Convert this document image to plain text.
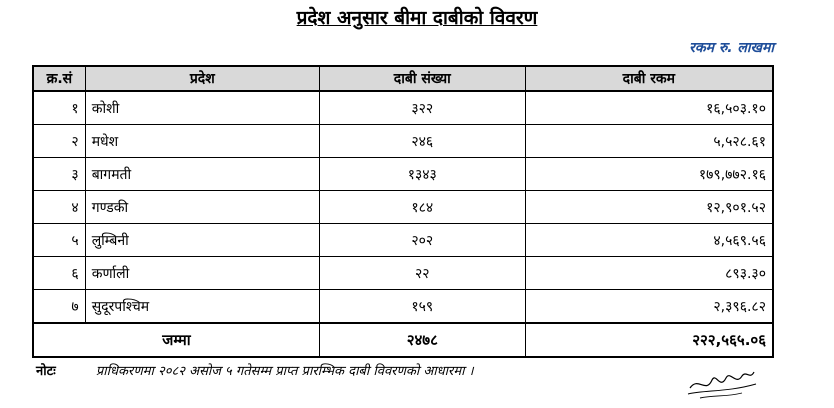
प्रदेश अनुसार बीमा दाबीको विवरण
रकम रु. लाखमा
क्र.सं	प्रदेश	दाबी संख्या	दाबी रकम
१	कोशी	३२२	१६,५०३.१०
२	मधेश	२४६	५,५२८.६१
३	बागमती	१३४३	१७९,७७२.१६
४	गण्डकी	१८४	१२,९०१.५२
५	लुम्बिनी	२०२	४,५६९.५६
६	कर्णाली	२२	८९३.३०
७	सुदूरपश्चिम	१५९	२,३९६.८२
जम्मा		२४७८	२२२,५६५.०६
नोटः	प्राधिकरणमा २०८२ असोज ५ गतेसम्म प्राप्त प्रारम्भिक दाबी विवरणको आधारमा ।
